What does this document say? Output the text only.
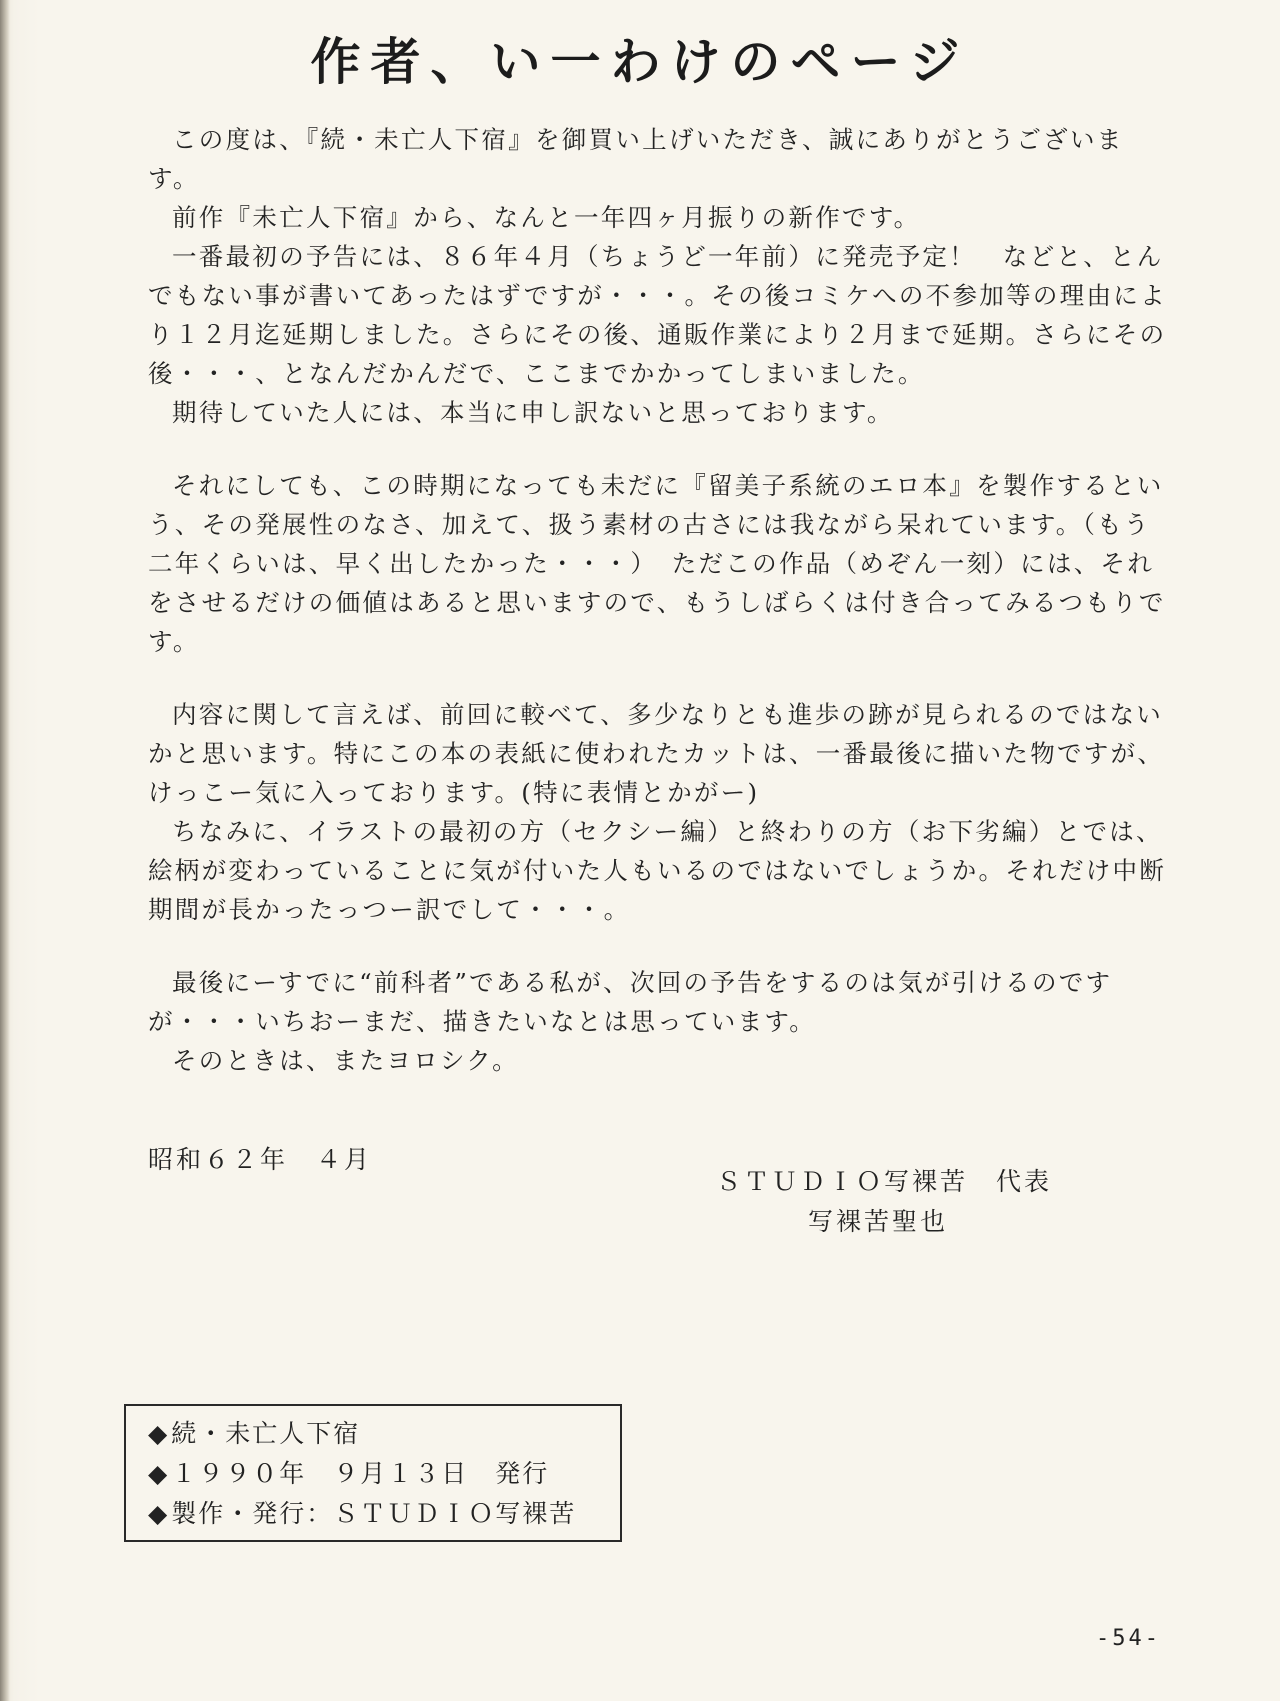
作者、い一わけのページ

この度は、『続・未亡人下宿』を御買い上げいただき、誠にありがとうございます。

前作『未亡人下宿』から、なんと一年四ヶ月振りの新作です。

一番最初の予告には、８６年４月（ちょうど一年前）に発売予定！　などと、とんでもない事が書いてあったはずですが・・・。その後コミケへの不参加等の理由により１２月迄延期しました。さらにその後、通販作業により２月まで延期。さらにその後・・・、となんだかんだで、ここまでかかってしまいました。

期待していた人には、本当に申し訳ないと思っております。

それにしても、この時期になっても未だに『留美子系統のエロ本』を製作するという、その発展性のなさ、加えて、扱う素材の古さには我ながら呆れています。（もう二年くらいは、早く出したかった・・・）　ただこの作品（めぞん一刻）には、それをさせるだけの価値はあると思いますので、もうしばらくは付き合ってみるつもりです。

内容に関して言えば、前回に較べて、多少なりとも進歩の跡が見られるのではないかと思います。特にこの本の表紙に使われたカットは、一番最後に描いた物ですが、けっこー気に入っております。(特に表情とかがー)

ちなみに、イラストの最初の方（セクシー編）と終わりの方（お下劣編）とでは、絵柄が変わっていることに気が付いた人もいるのではないでしょうか。それだけ中断期間が長かったっつー訳でして・・・。

最後にーすでに“前科者”である私が、次回の予告をするのは気が引けるのですが・・・いちおーまだ、描きたいなとは思っています。

そのときは、またヨロシク。

昭和６２年　４月
ＳＴＵＤＩＯ写裸苦　代表
写裸苦聖也
◆続・未亡人下宿
◆１９９０年　９月１３日　発行
◆製作・発行：ＳＴＵＤＩＯ写裸苦
-54-
